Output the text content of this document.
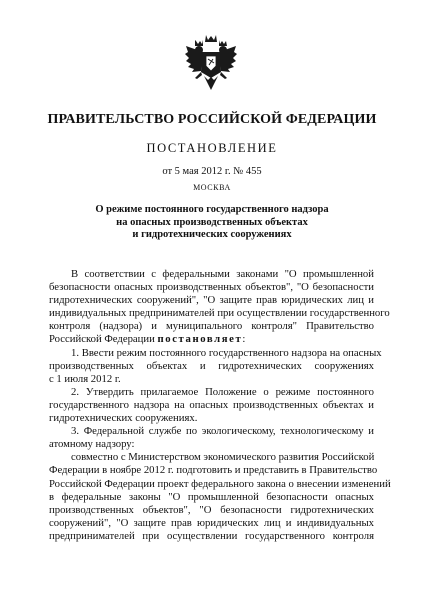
ПРАВИТЕЛЬСТВО РОССИЙСКОЙ ФЕДЕРАЦИИ
ПОСТАНОВЛЕНИЕ
от 5 мая 2012 г. № 455
МОСКВА
О режиме постоянного государственного надзора
на опасных производственных объектах
и гидротехнических сооружениях
В соответствии с федеральными законами "О промышленной
безопасности опасных производственных объектов", "О безопасности
гидротехнических сооружений", "О защите прав юридических лиц и
индивидуальных предпринимателей при осуществлении государственного
контроля (надзора) и муниципального контроля" Правительство
Российской Федерации постановляет:
1. Ввести режим постоянного государственного надзора на опасных
производственных объектах и гидротехнических сооружениях
с 1 июля 2012 г.
2. Утвердить прилагаемое Положение о режиме постоянного
государственного надзора на опасных производственных объектах и
гидротехнических сооружениях.
3. Федеральной службе по экологическому, технологическому и
атомному надзору:
совместно с Министерством экономического развития Российской
Федерации в ноябре 2012 г. подготовить и представить в Правительство
Российской Федерации проект федерального закона о внесении изменений
в федеральные законы "О промышленной безопасности опасных
производственных объектов", "О безопасности гидротехнических
сооружений", "О защите прав юридических лиц и индивидуальных
предпринимателей при осуществлении государственного контроля
